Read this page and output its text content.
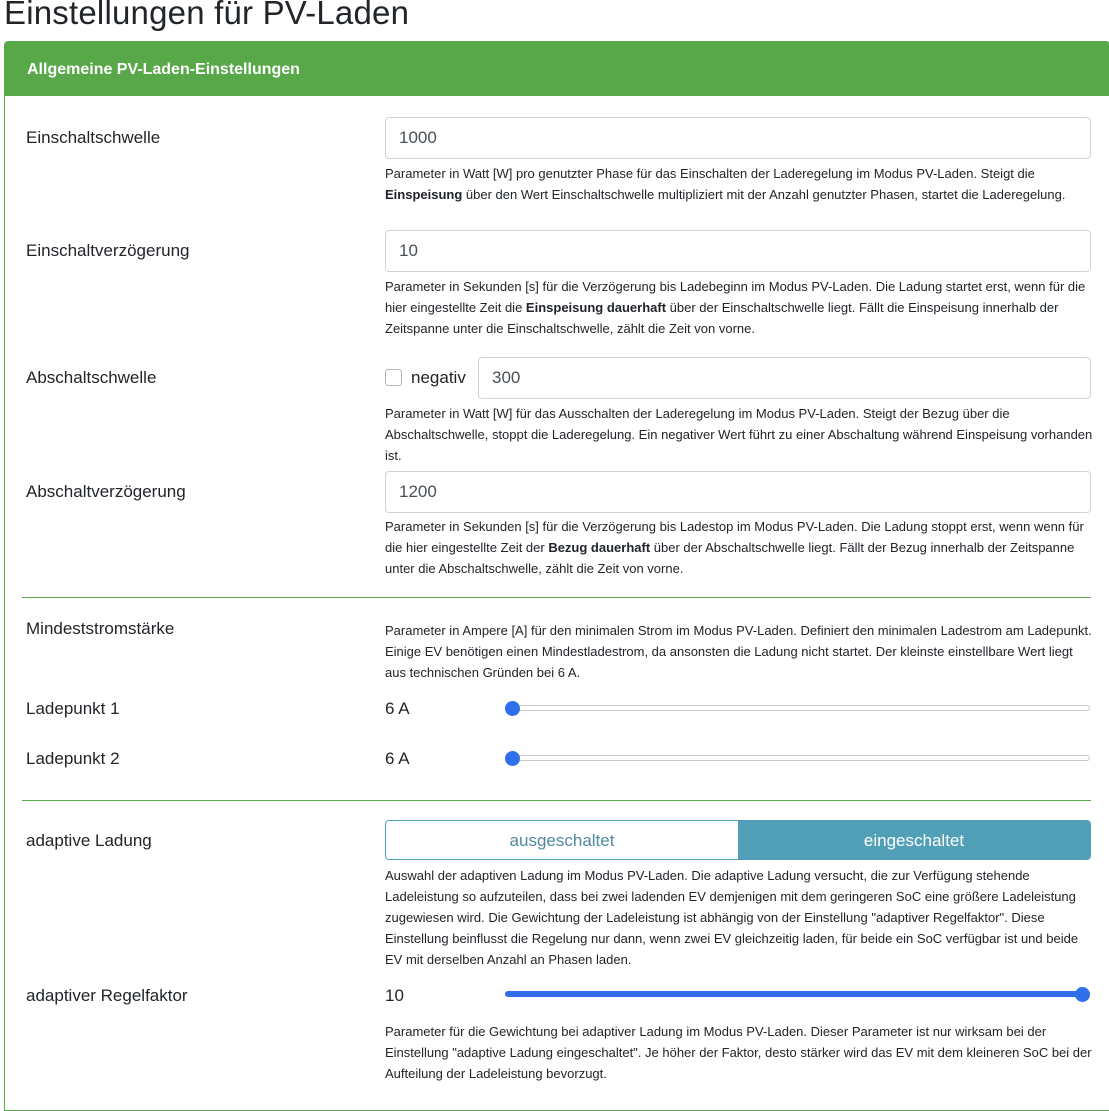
Einstellungen für PV-Laden
Allgemeine PV-Laden-Einstellungen
Einschaltschwelle	1000
Parameter in Watt [W] pro genutzter Phase für das Einschalten der Laderegelung im Modus PV-Laden. Steigt die Einspeisung über den Wert Einschaltschwelle multipliziert mit der Anzahl genutzter Phasen, startet die Laderegelung.
Einschaltverzögerung	10
Parameter in Sekunden [s] für die Verzögerung bis Ladebeginn im Modus PV-Laden. Die Ladung startet erst, wenn für die hier eingestellte Zeit die Einspeisung dauerhaft über der Einschaltschwelle liegt. Fällt die Einspeisung innerhalb der Zeitspanne unter die Einschaltschwelle, zählt die Zeit von vorne.
Abschaltschwelle	negativ	300
Parameter in Watt [W] für das Ausschalten der Laderegelung im Modus PV-Laden. Steigt der Bezug über die Abschaltschwelle, stoppt die Laderegelung. Ein negativer Wert führt zu einer Abschaltung während Einspeisung vorhanden ist.
Abschaltverzögerung	1200
Parameter in Sekunden [s] für die Verzögerung bis Ladestop im Modus PV-Laden. Die Ladung stoppt erst, wenn wenn für die hier eingestellte Zeit der Bezug dauerhaft über der Abschaltschwelle liegt. Fällt der Bezug innerhalb der Zeitspanne unter die Abschaltschwelle, zählt die Zeit von vorne.
Mindeststromstärke	Parameter in Ampere [A] für den minimalen Strom im Modus PV-Laden. Definiert den minimalen Ladestrom am Ladepunkt. Einige EV benötigen einen Mindestladestrom, da ansonsten die Ladung nicht startet. Der kleinste einstellbare Wert liegt aus technischen Gründen bei 6 A.
Ladepunkt 1	6 A
Ladepunkt 2	6 A
adaptive Ladung	ausgeschaltet	eingeschaltet
Auswahl der adaptiven Ladung im Modus PV-Laden. Die adaptive Ladung versucht, die zur Verfügung stehende Ladeleistung so aufzuteilen, dass bei zwei ladenden EV demjenigen mit dem geringeren SoC eine größere Ladeleistung zugewiesen wird. Die Gewichtung der Ladeleistung ist abhängig von der Einstellung "adaptiver Regelfaktor". Diese Einstellung beinflusst die Regelung nur dann, wenn zwei EV gleichzeitig laden, für beide ein SoC verfügbar ist und beide EV mit derselben Anzahl an Phasen laden.
adaptiver Regelfaktor	10
Parameter für die Gewichtung bei adaptiver Ladung im Modus PV-Laden. Dieser Parameter ist nur wirksam bei der Einstellung "adaptive Ladung eingeschaltet". Je höher der Faktor, desto stärker wird das EV mit dem kleineren SoC bei der Aufteilung der Ladeleistung bevorzugt.
